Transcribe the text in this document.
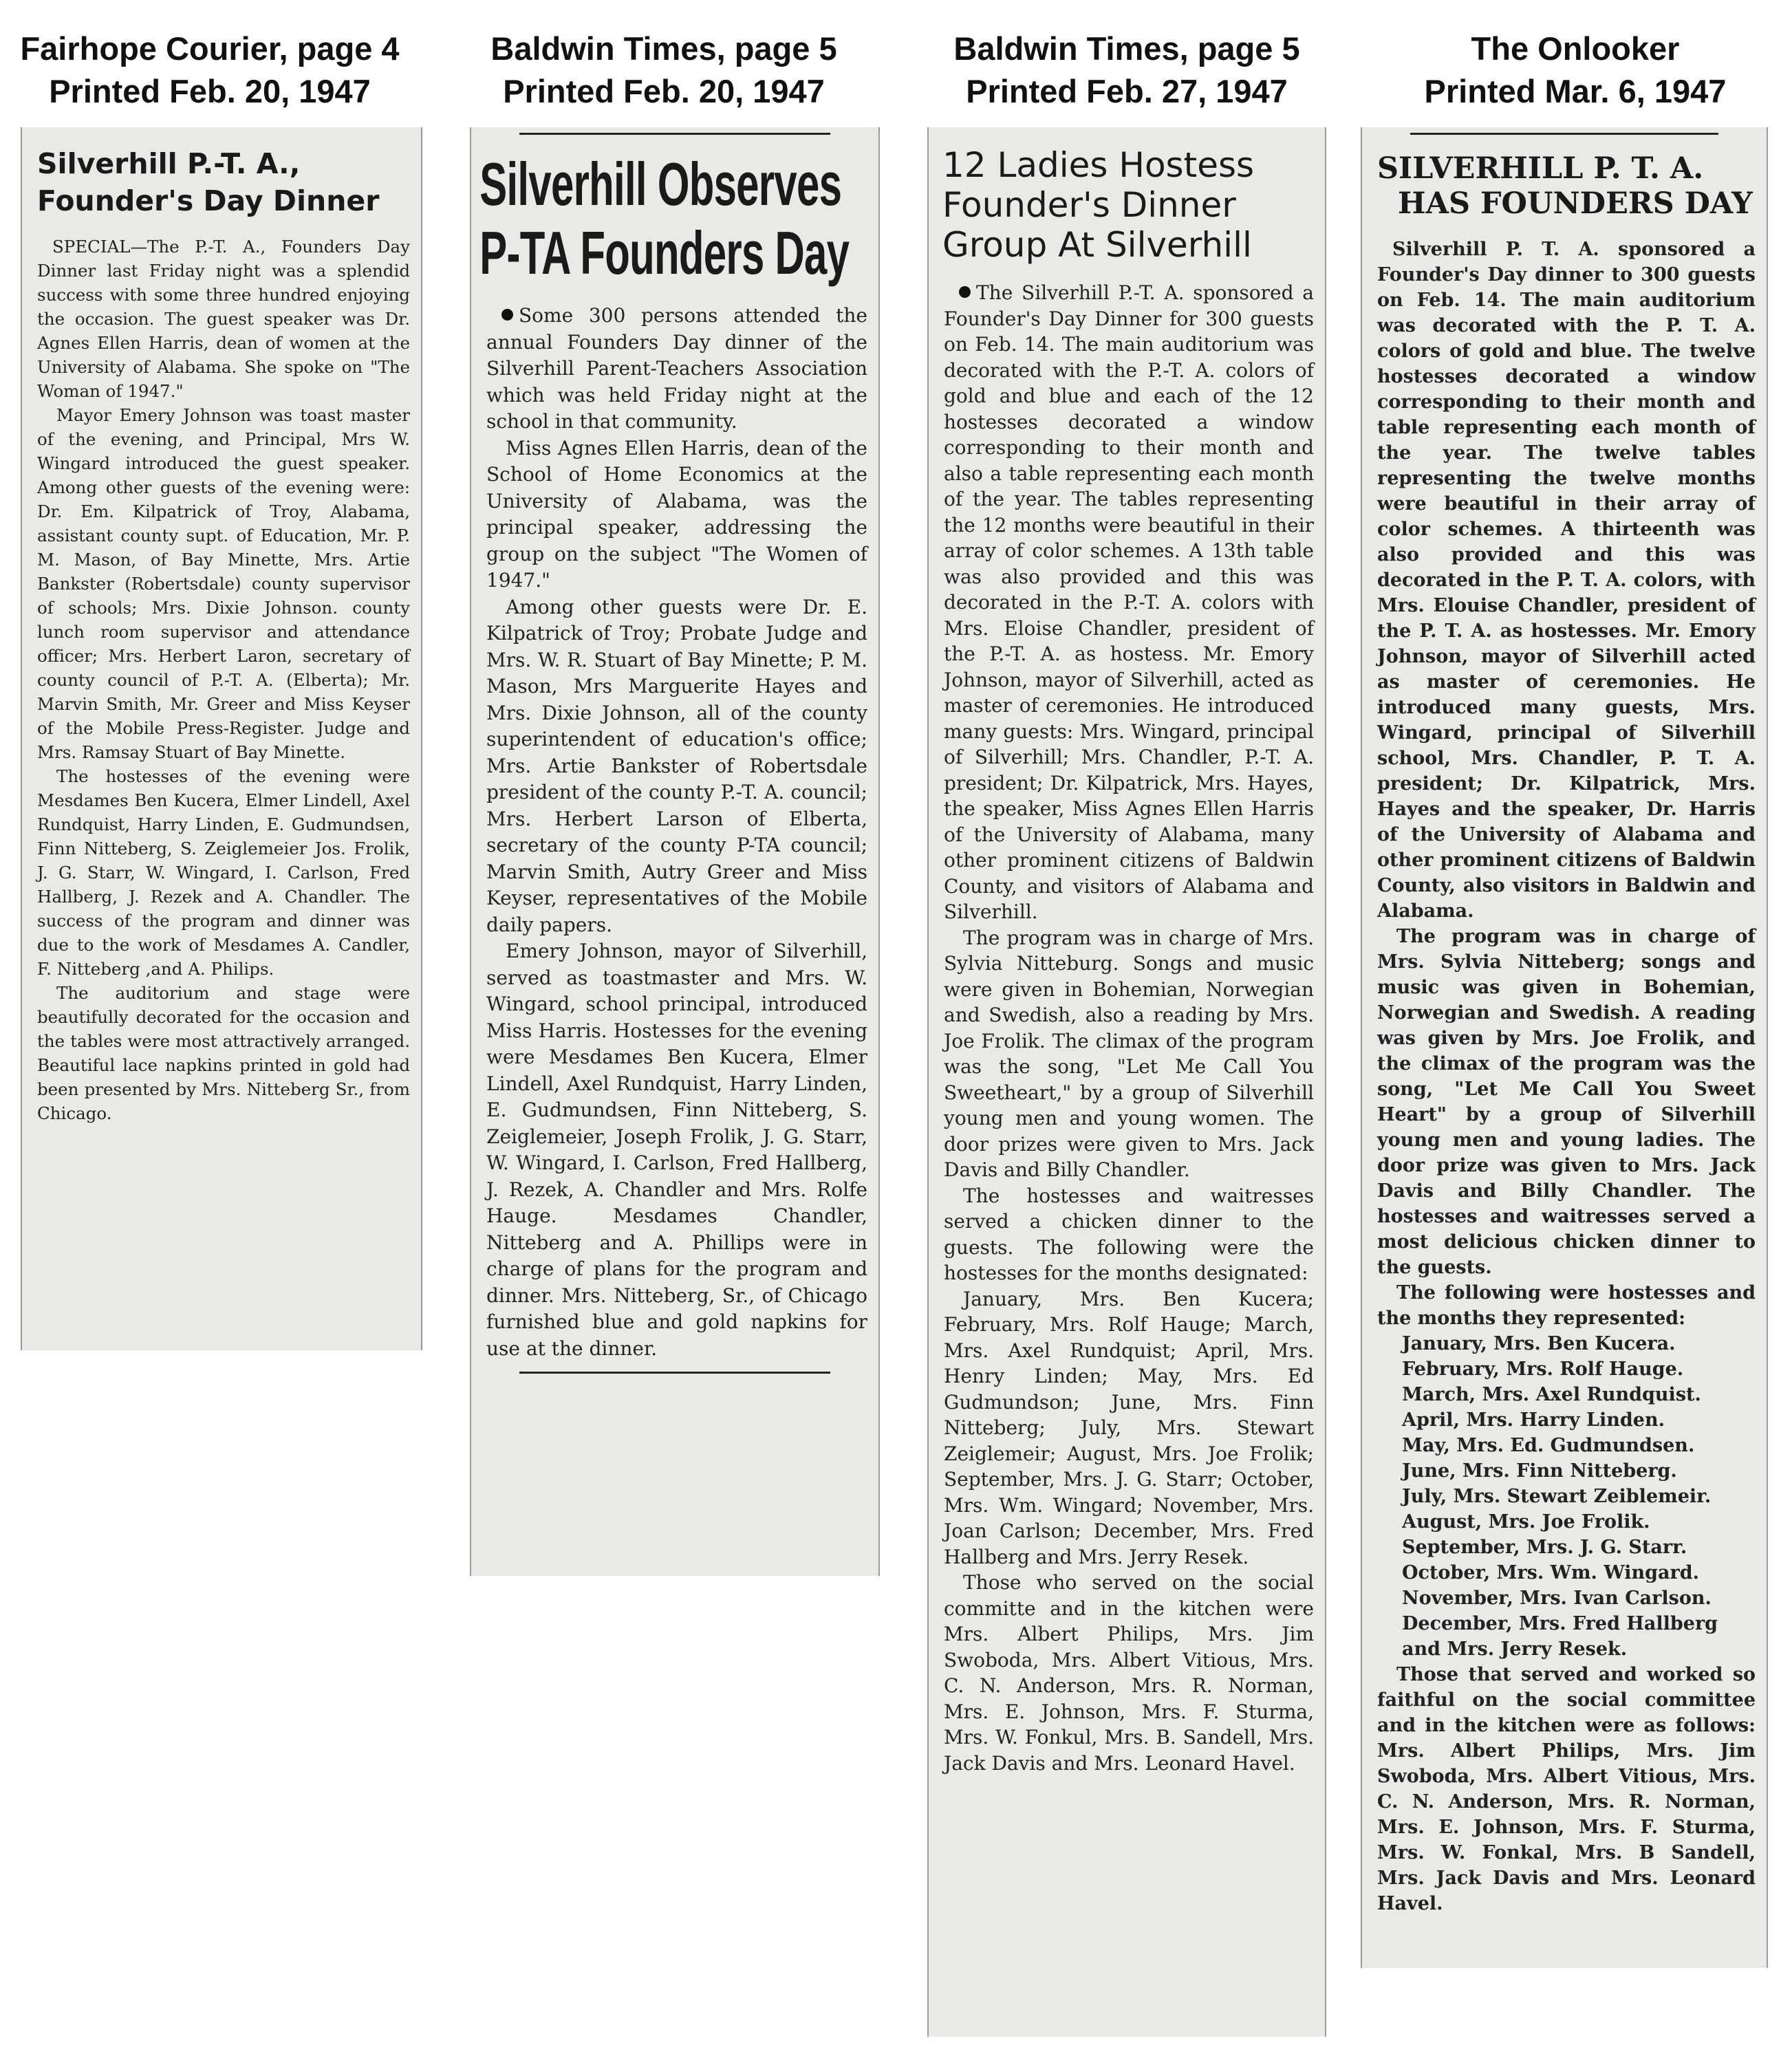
Fairhope Courier, page 4
Printed Feb. 20, 1947
Silverhill P.-T. A.,
Founder's Day Dinner

SPECIAL—The P.-T. A., Founders Day Dinner last Friday night was a splendid success with some three hundred enjoying the occasion. The guest speaker was Dr. Agnes Ellen Harris, dean of women at the University of Alabama. She spoke on "The Woman of 1947."

Mayor Emery Johnson was toast master of the evening, and Principal, Mrs W. Wingard introduced the guest speaker. Among other guests of the evening were: Dr. Em. Kilpatrick of Troy, Alabama, assistant county supt. of Education, Mr. P. M. Mason, of Bay Minette, Mrs. Artie Bankster (Robertsdale) county supervisor of schools; Mrs. Dixie Johnson. county lunch room supervisor and attendance officer; Mrs. Herbert Laron, secretary of county council of P.-T. A. (Elberta); Mr. Marvin Smith, Mr. Greer and Miss Keyser of the Mobile Press-Register. Judge and Mrs. Ramsay Stuart of Bay Minette.

The hostesses of the evening were Mesdames Ben Kucera, Elmer Lindell, Axel Rundquist, Harry Linden, E. Gudmundsen, Finn Nitteberg, S. Zeiglemeier Jos. Frolik, J. G. Starr, W. Wingard, I. Carlson, Fred Hallberg, J. Rezek and A. Chandler. The success of the program and dinner was due to the work of Mesdames A. Candler, F. Nitteberg ,and A. Philips.

The auditorium and stage were beautifully decorated for the occasion and the tables were most attractively arranged. Beautiful lace napkins printed in gold had been presented by Mrs. Nitteberg Sr., from Chicago.

Baldwin Times, page 5
Printed Feb. 20, 1947
Silverhill Observes
P-TA Founders Day

Some 300 persons attended the annual Founders Day dinner of the Silverhill Parent-Teachers Association which was held Friday night at the school in that community.

Miss Agnes Ellen Harris, dean of the School of Home Economics at the University of Alabama, was the principal speaker, addressing the group on the subject "The Women of 1947."

Among other guests were Dr. E. Kilpatrick of Troy; Probate Judge and Mrs. W. R. Stuart of Bay Minette; P. M. Mason, Mrs Marguerite Hayes and Mrs. Dixie Johnson, all of the county superintendent of education's office; Mrs. Artie Bankster of Robertsdale president of the county P.-T. A. council; Mrs. Herbert Larson of Elberta, secretary of the county P-TA council; Marvin Smith, Autry Greer and Miss Keyser, representatives of the Mobile daily papers.

Emery Johnson, mayor of Silverhill, served as toastmaster and Mrs. W. Wingard, school principal, introduced Miss Harris. Hostesses for the evening were Mesdames Ben Kucera, Elmer Lindell, Axel Rundquist, Harry Linden, E. Gudmundsen, Finn Nitteberg, S. Zeiglemeier, Joseph Frolik, J. G. Starr, W. Wingard, I. Carlson, Fred Hallberg, J. Rezek, A. Chandler and Mrs. Rolfe Hauge. Mesdames Chandler, Nitteberg and A. Phillips were in charge of plans for the program and dinner. Mrs. Nitteberg, Sr., of Chicago furnished blue and gold napkins for use at the dinner.

Baldwin Times, page 5
Printed Feb. 27, 1947
12 Ladies Hostess
Founder's Dinner
Group At Silverhill

The Silverhill P.-T. A. sponsored a Founder's Day Dinner for 300 guests on Feb. 14. The main auditorium was decorated with the P.-T. A. colors of gold and blue and each of the 12 hostesses decorated a window corresponding to their month and also a table representing each month of the year. The tables representing the 12 months were beautiful in their array of color schemes. A 13th table was also provided and this was decorated in the P.-T. A. colors with Mrs. Eloise Chandler, president of the P.-T. A. as hostess. Mr. Emory Johnson, mayor of Silverhill, acted as master of ceremonies. He introduced many guests: Mrs. Wingard, principal of Silverhill; Mrs. Chandler, P.-T. A. president; Dr. Kilpatrick, Mrs. Hayes, the speaker, Miss Agnes Ellen Harris of the University of Alabama, many other prominent citizens of Baldwin County, and visitors of Alabama and Silverhill.

The program was in charge of Mrs. Sylvia Nitteburg. Songs and music were given in Bohemian, Norwegian and Swedish, also a reading by Mrs. Joe Frolik. The climax of the program was the song, "Let Me Call You Sweetheart," by a group of Silverhill young men and young women. The door prizes were given to Mrs. Jack Davis and Billy Chandler.

The hostesses and waitresses served a chicken dinner to the guests. The following were the hostesses for the months designated:

January, Mrs. Ben Kucera; February, Mrs. Rolf Hauge; March, Mrs. Axel Rundquist; April, Mrs. Henry Linden; May, Mrs. Ed Gudmundson; June, Mrs. Finn Nitteberg; July, Mrs. Stewart Zeiglemeir; August, Mrs. Joe Frolik; September, Mrs. J. G. Starr; October, Mrs. Wm. Wingard; November, Mrs. Joan Carlson; December, Mrs. Fred Hallberg and Mrs. Jerry Resek.

Those who served on the social committe and in the kitchen were Mrs. Albert Philips, Mrs. Jim Swoboda, Mrs. Albert Vitious, Mrs. C. N. Anderson, Mrs. R. Norman, Mrs. E. Johnson, Mrs. F. Sturma, Mrs. W. Fonkul, Mrs. B. Sandell, Mrs. Jack Davis and Mrs. Leonard Havel.

The Onlooker
Printed Mar. 6, 1947
SILVERHILL P. T. A.
HAS FOUNDERS DAY

Silverhill P. T. A. sponsored a Founder's Day dinner to 300 guests on Feb. 14. The main auditorium was decorated with the P. T. A. colors of gold and blue. The twelve hostesses decorated a window corresponding to their month and table representing each month of the year. The twelve tables representing the twelve months were beautiful in their array of color schemes. A thirteenth was also provided and this was decorated in the P. T. A. colors, with Mrs. Elouise Chandler, president of the P. T. A. as hostesses. Mr. Emory Johnson, mayor of Silverhill acted as master of ceremonies. He introduced many guests, Mrs. Wingard, principal of Silverhill school, Mrs. Chandler, P. T. A. president; Dr. Kilpatrick, Mrs. Hayes and the speaker, Dr. Harris of the University of Alabama and other prominent citizens of Baldwin County, also visitors in Baldwin and Alabama.

The program was in charge of Mrs. Sylvia Nitteberg; songs and music was given in Bohemian, Norwegian and Swedish. A reading was given by Mrs. Joe Frolik, and the climax of the program was the song, "Let Me Call You Sweet Heart" by a group of Silverhill young men and young ladies. The door prize was given to Mrs. Jack Davis and Billy Chandler. The hostesses and waitresses served a most delicious chicken dinner to the guests.

The following were hostesses and the months they represented:

January, Mrs. Ben Kucera.
February, Mrs. Rolf Hauge.
March, Mrs. Axel Rundquist.
April, Mrs. Harry Linden.
May, Mrs. Ed. Gudmundsen.
June, Mrs. Finn Nitteberg.
July, Mrs. Stewart Zeiblemeir.
August, Mrs. Joe Frolik.
September, Mrs. J. G. Starr.
October, Mrs. Wm. Wingard.
November, Mrs. Ivan Carlson.
December, Mrs. Fred Hallberg and Mrs. Jerry Resek.

Those that served and worked so faithful on the social committee and in the kitchen were as follows: Mrs. Albert Philips, Mrs. Jim Swoboda, Mrs. Albert Vitious, Mrs. C. N. Anderson, Mrs. R. Norman, Mrs. E. Johnson, Mrs. F. Sturma, Mrs. W. Fonkal, Mrs. B Sandell, Mrs. Jack Davis and Mrs. Leonard Havel.
